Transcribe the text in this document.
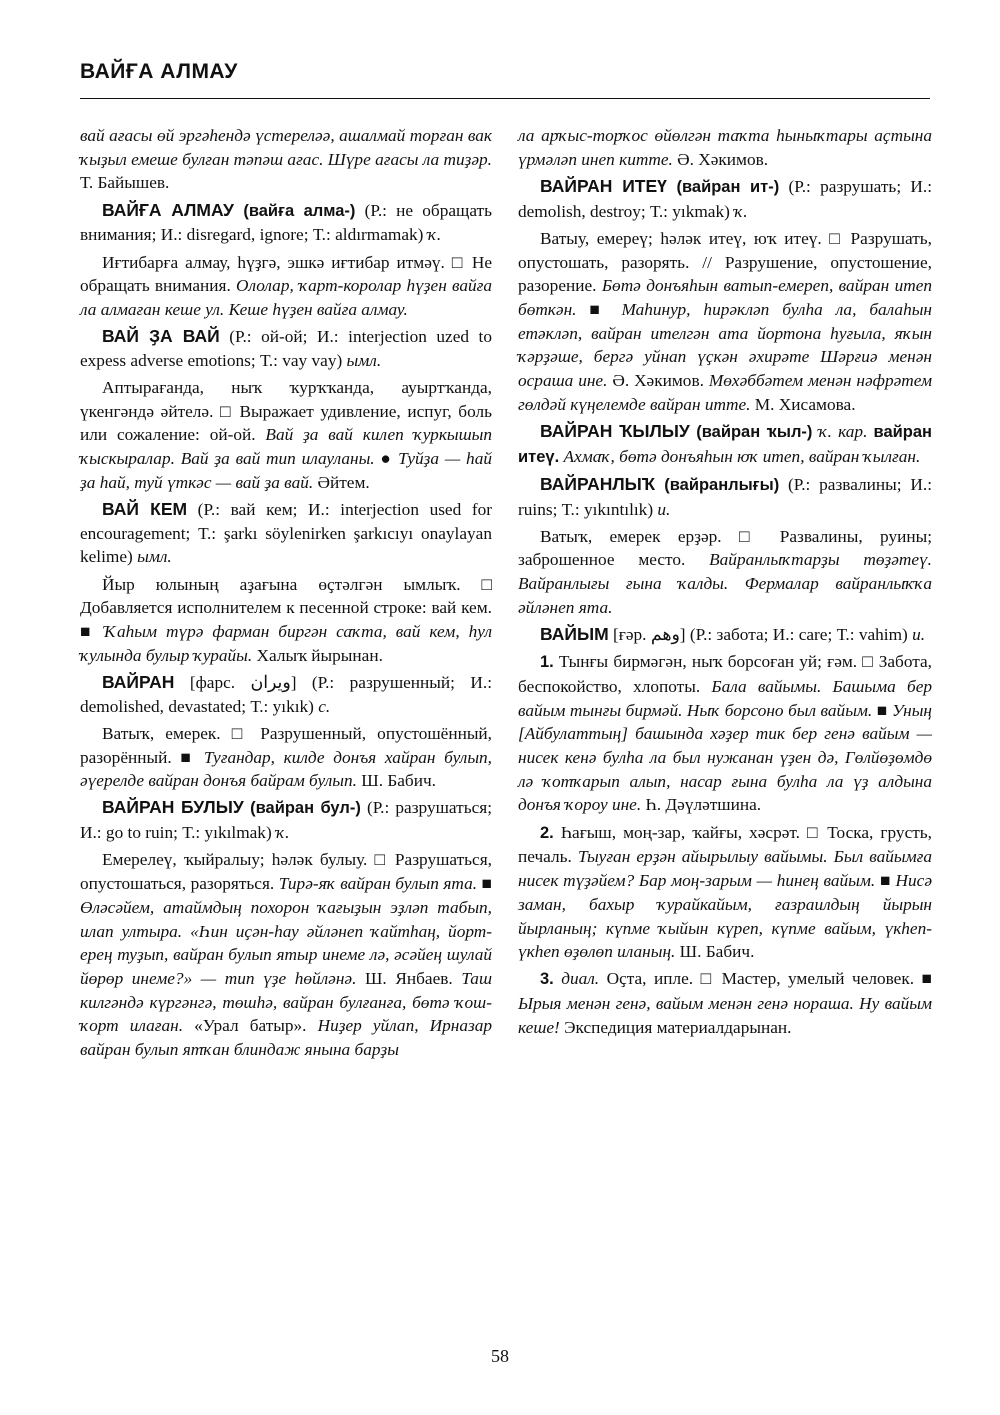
ВАЙҒА АЛМАУ

вай ағасы өй эргәһендә үстереләә, ашалмай торған вак ҡыҙыл емеше булған тәпәш ағас. Шүре ағасы ла тиҙәр. Т. Байышев.

ВАЙҒА АЛМАУ (вайға алма-) (Р.: не обращать внимания; И.: disregard, ignore; Т.: aldırmamak) ҡ.

Иғтибарға алмау, һүҙгә, эшкә иғтибар итмәү. □ Не обращать внимания. Ололар, ҡарт-королар һүҙен вайға ла алмаған кеше ул. Кеше һүҙен вайға алмау.

ВАЙ ҘА ВАЙ (Р.: ой-ой; И.: interjection uzed to expess adverse emotions; Т.: vay vay) ымл.

Аптырағанда, ныҡ ҡурҡҡанда, ауыртҡанда, үкенгәндә әйтелә. □ Выражает удивление, испуг, боль или сожаление: ой-ой. Вай ҙа вай килеп ҡуркышып ҡыскыралар. Вай ҙа вай тип илауланы. ● Туйҙа — һай ҙа һай, туй үткәс — вай ҙа вай. Әйтем.

ВАЙ КЕМ (Р.: вай кем; И.: interjection used for encouragement; Т.: şarkı söylenirken şarkıcıyı onaylayan kelime) ымл.

Йыр юлының аҙағына өҫтәлгән ымлыҡ. □ Добавляется исполнителем к песенной строке: вай кем. ■ Ҡаһым түрә фарман биргән саҡта, вай кем, һул ҡулында булыр ҡурайы. Халыҡ йырынан.

ВАЙРАН [фарс. ویران] (Р.: разрушенный; И.: demolished, devastated; Т.: yıkık) с.

Ватыҡ, емерек. □ Разрушенный, опустошённый, разорённый. ■ Туғандар, килде донъя хайран булып, әүерелде вайран донъя байрам булып. Ш. Бабич.

ВАЙРАН БУЛЫУ (вайран бул-) (Р.: разрушаться; И.: go to ruin; Т.: yıkılmak) ҡ.

Емерелеү, ҡыйралыу; һәләк булыу. □ Разрушаться, опустошаться, разоряться. Тирә-яҡ вайран булып ята. ■ Өләсәйем, атаймдың похорон ҡағыҙын эҙләп табып, илап ултыра. «Һин иҫән-һау әйләнеп ҡайтһаң, йорт-ерең туҙып, вайран булып ятыр инеме лә, әсәйең шулай йөрөр инеме?» — тип үҙе һөйләнә. Ш. Янбаев. Таш килгәндә күргәнгә, төшһә, вайран булғанға, бөтә ҡош-ҡорт илаған. «Урал батыр». Ниҙер уйлап, Ирназар вайран булып ятҡан блиндаж янына барҙы

ла арҡыс-торҡос өйөлгән таҡта һыныҡтары аҫтына үрмәләп инеп китте. Ә. Хәкимов.

ВАЙРАН ИТЕҮ (вайран ит-) (Р.: разрушать; И.: demolish, destroy; Т.: yıkmak) ҡ.

Ватыу, емереү; һәләк итеү, юҡ итеү. □ Разрушать, опустошать, разорять. // Разрушение, опустошение, разорение. Бөтә донъяһын ватып-емереп, вайран итеп бөткән. ■ Маһинур, һирәкләп булһа ла, балаһын етәкләп, вайран ителгән ата йортона һуғыла, яҡын ҡәрҙәше, бергә уйнап үҫкән әхирәте Шәрғиә менән осраша ине. Ә. Хәкимов. Мөхәббәтем менән нәфрәтем гөлдәй күңелемде вайран итте. М. Хисамова.

ВАЙРАН ҠЫЛЫУ (вайран ҡыл-) ҡ. кар. вайран итеү. Ахмаҡ, бөтә донъяһын юҡ итеп, вайран ҡылған.

ВАЙРАНЛЫҠ (вайранлығы) (Р.: развалины; И.: ruins; Т.: yıkıntılık) и.

Ватыҡ, емерек ерҙәр. □ Развалины, руины; заброшенное место. Вайранлыҡтарҙы төҙәтеү. Вайранлығы ғына ҡалды. Фермалар вайранлыҡҡа әйләнеп ята.

ВАЙЫМ [ғәр. وهم] (Р.: забота; И.: care; Т.: vahim) и.

1. Тынғы бирмәгән, ныҡ борсоған уй; ғәм. □ Забота, беспокойство, хлопоты. Бала вайымы. Башыма бер вайым тынғы бирмәй. Ныҡ борсоно был вайым. ■ Уның [Айбулаттың] башында хәҙер тик бер генә вайым — нисек кенә булһа ла был нужанан үҙен дә, Гөлйөҙөмдө лә ҡотҡарып алып, насар ғына булһа ла үҙ алдына донъя ҡороу ине. Һ. Дәүләтшина.

2. Һағыш, моң-зар, ҡайғы, хәсрәт. □ Тоска, грусть, печаль. Тыуған ерҙән айырылыу вайымы. Был вайымға нисек түҙәйем? Бар моң-зарым — һинең вайым. ■ Нисә заман, бахыр ҡурайкайым, ғазраилдың йырын йырланың; күпме ҡыйын күреп, күпме вайым, үкһеп-үкһеп өҙөлөп иланың. Ш. Бабич.

3. диал. Оҫта, ипле. □ Мастер, умелый человек. ■ Ырыя менән генә, вайым менән генә нораша. Ну вайым кеше! Экспедиция материалдарынан.

58
